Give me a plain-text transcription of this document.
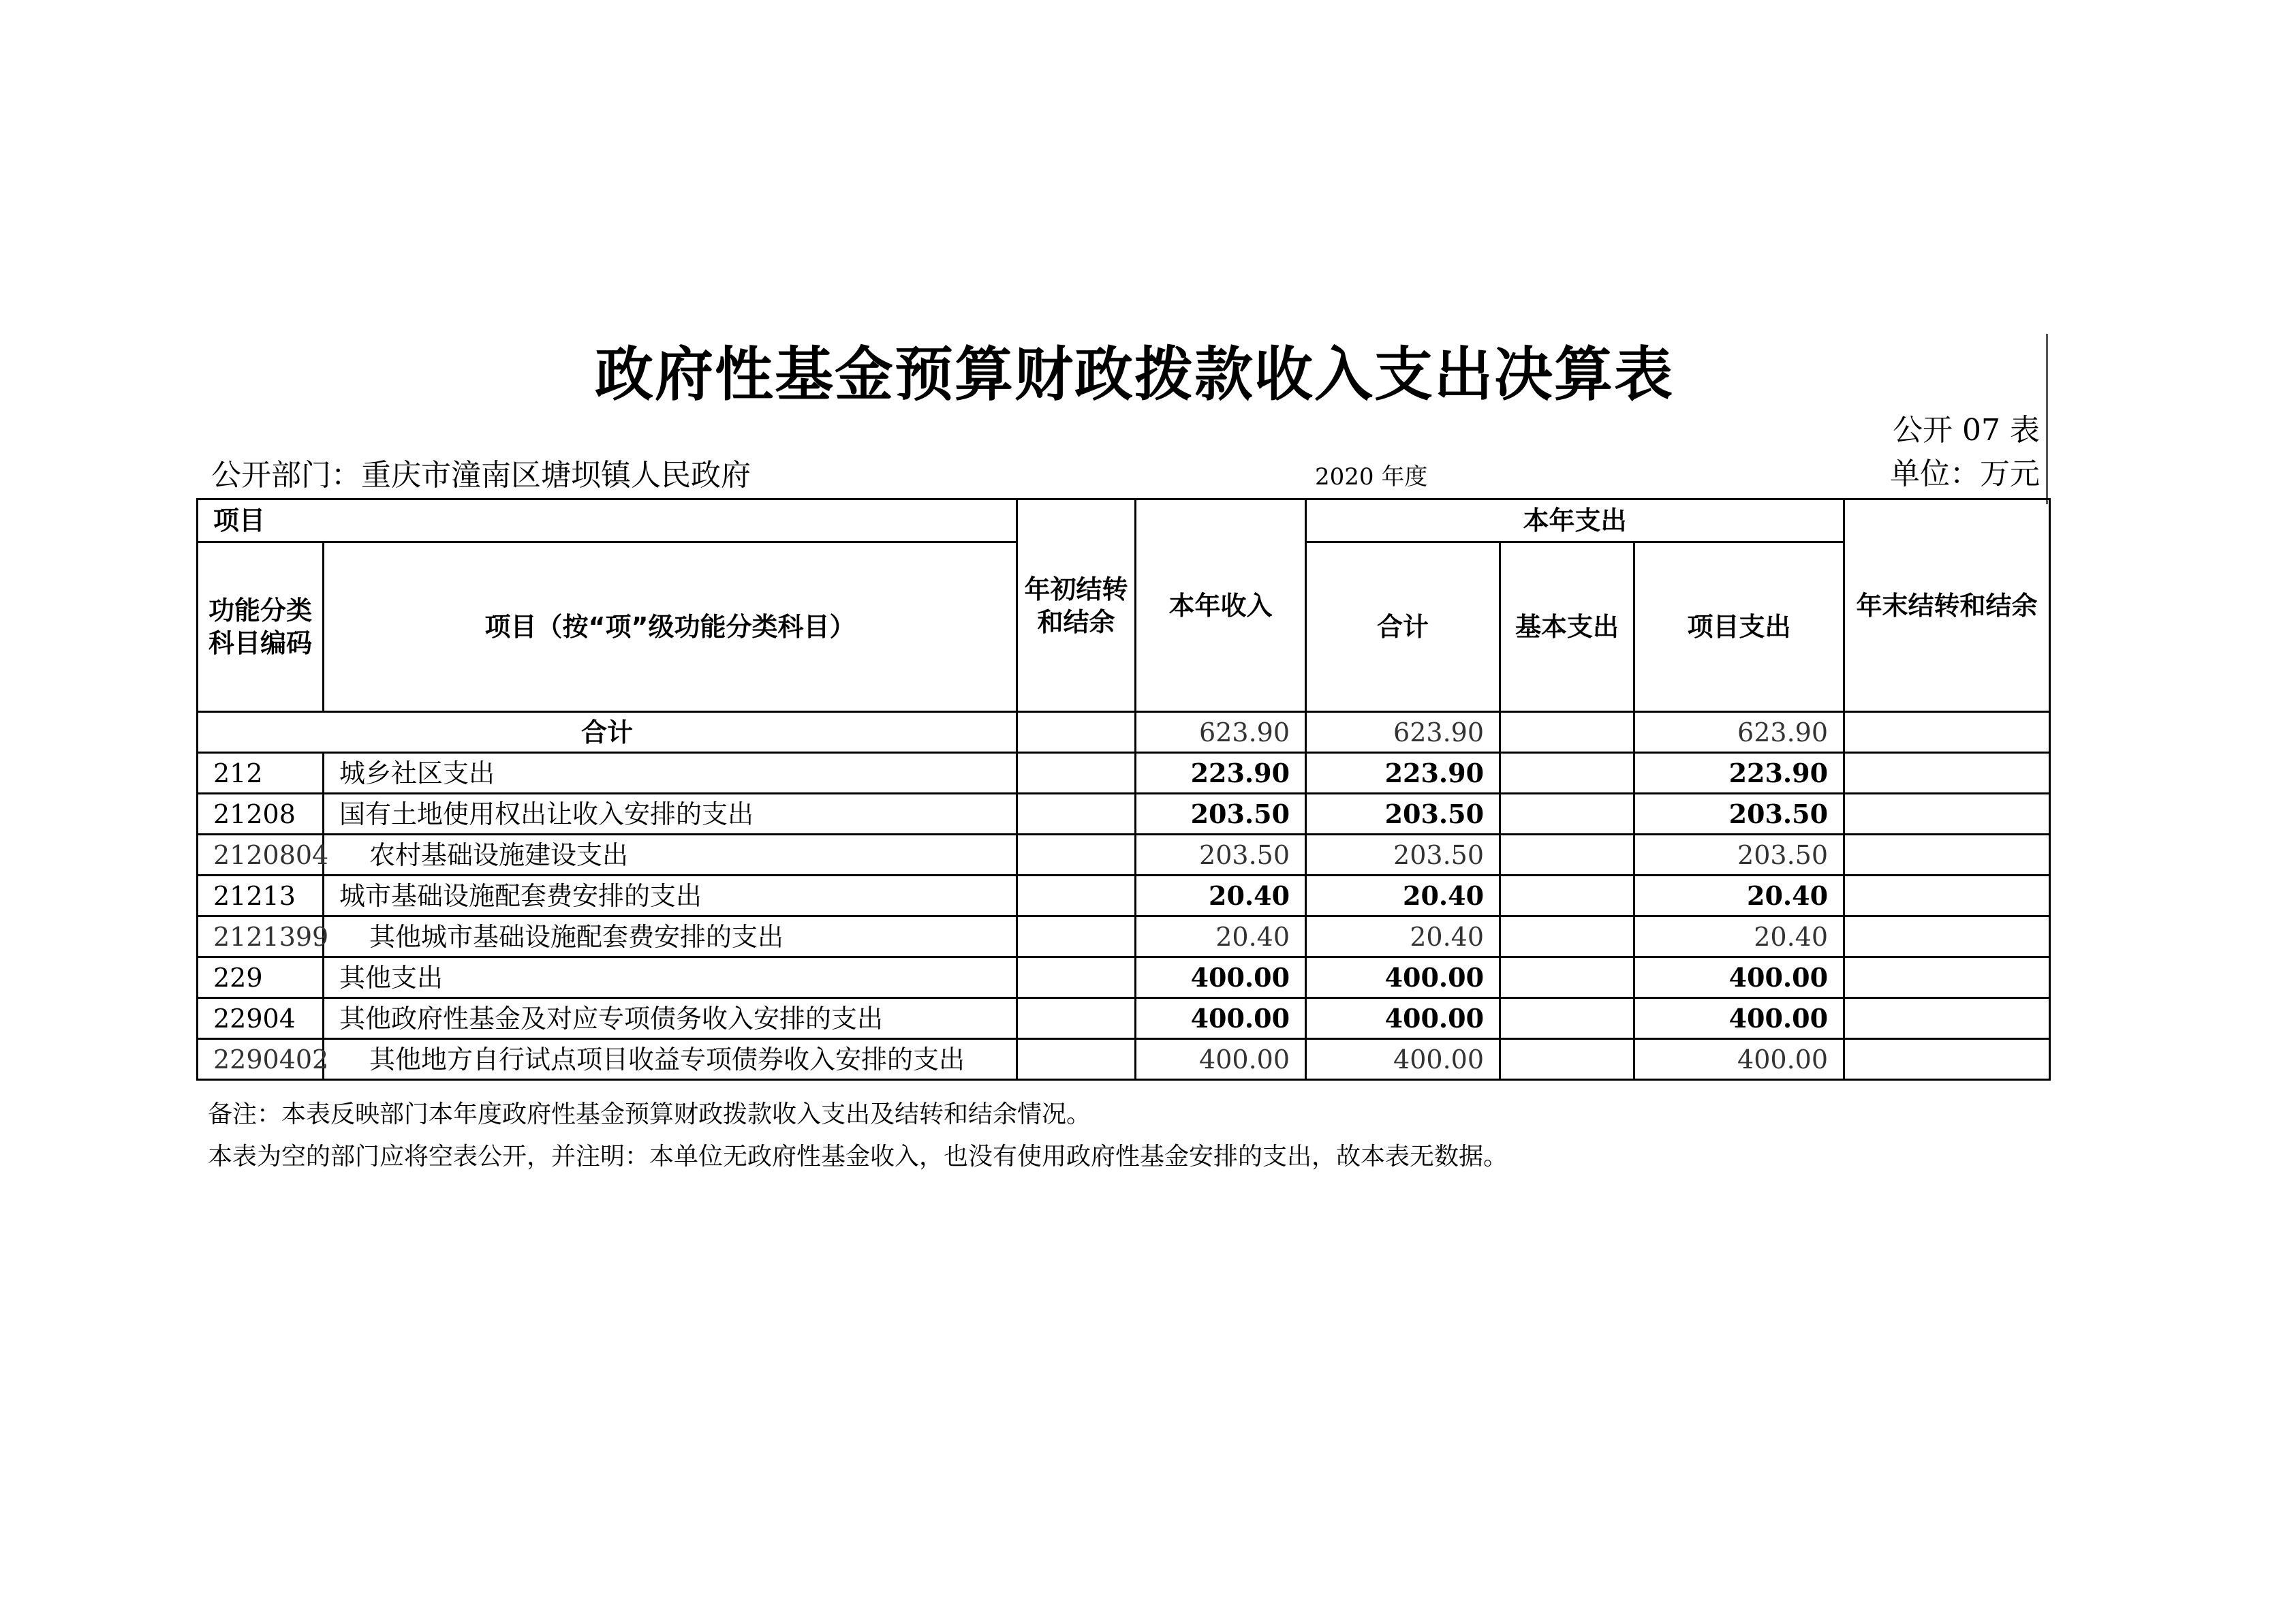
政府性基金预算财政拨款收入支出决算表
公开 07 表
公开部门：重庆市潼南区塘坝镇人民政府	2020 年度	单位：万元
项目		年初结转和结余	本年收入	本年支出			年末结转和结余
功能分类科目编码	项目（按“项”级功能分类科目）			合计	基本支出	项目支出	
合计			623.90	623.90		623.90	
212	城乡社区支出		223.90	223.90		223.90	
21208	国有土地使用权出让收入安排的支出		203.50	203.50		203.50	
2120804	农村基础设施建设支出		203.50	203.50		203.50	
21213	城市基础设施配套费安排的支出		20.40	20.40		20.40	
2121399	其他城市基础设施配套费安排的支出		20.40	20.40		20.40	
229	其他支出		400.00	400.00		400.00	
22904	其他政府性基金及对应专项债务收入安排的支出		400.00	400.00		400.00	
2290402	其他地方自行试点项目收益专项债券收入安排的支出		400.00	400.00		400.00	
备注：本表反映部门本年度政府性基金预算财政拨款收入支出及结转和结余情况。
本表为空的部门应将空表公开，并注明：本单位无政府性基金收入，也没有使用政府性基金安排的支出，故本表无数据。
